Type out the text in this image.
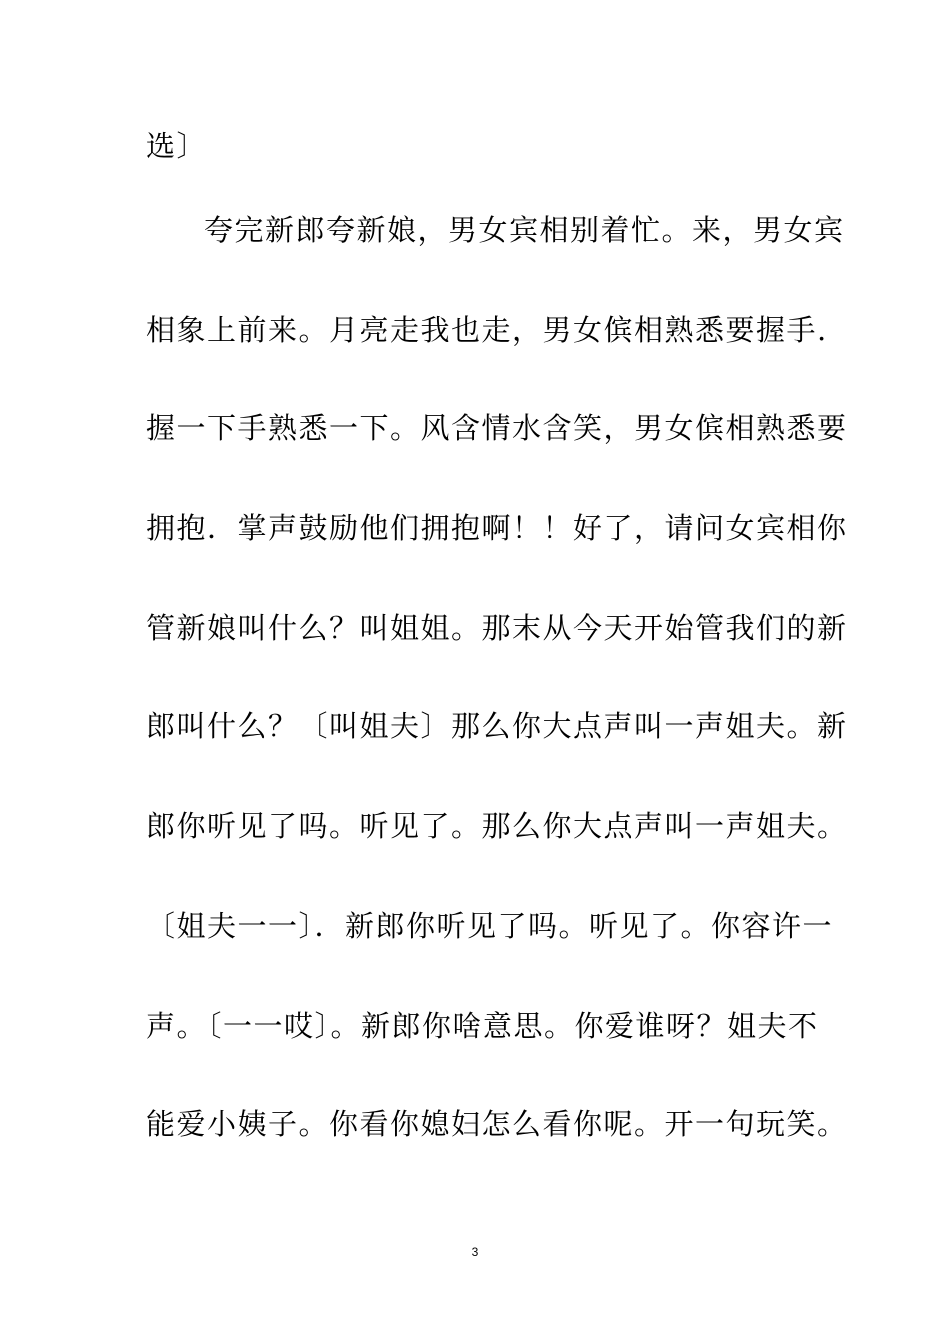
选〕
夸完新郎夸新娘，男女宾相别着忙。来，男女宾
相象上前来。月亮走我也走，男女傧相熟悉要握手.
握一下手熟悉一下。风含情水含笑，男女傧相熟悉要
拥抱．掌声鼓励他们拥抱啊！！好了，请问女宾相你
管新娘叫什么？叫姐姐。那末从今天开始管我们的新
郎叫什么？〔叫姐夫〕那么你大点声叫一声姐夫。新
郎你听见了吗。听见了。那么你大点声叫一声姐夫。
〔姐夫一一〕．新郎你听见了吗。听见了。你容许一
声。〔一一哎〕。新郎你啥意思。你爱谁呀？姐夫不
能爱小姨子。你看你媳妇怎么看你呢。开一句玩笑。
3
